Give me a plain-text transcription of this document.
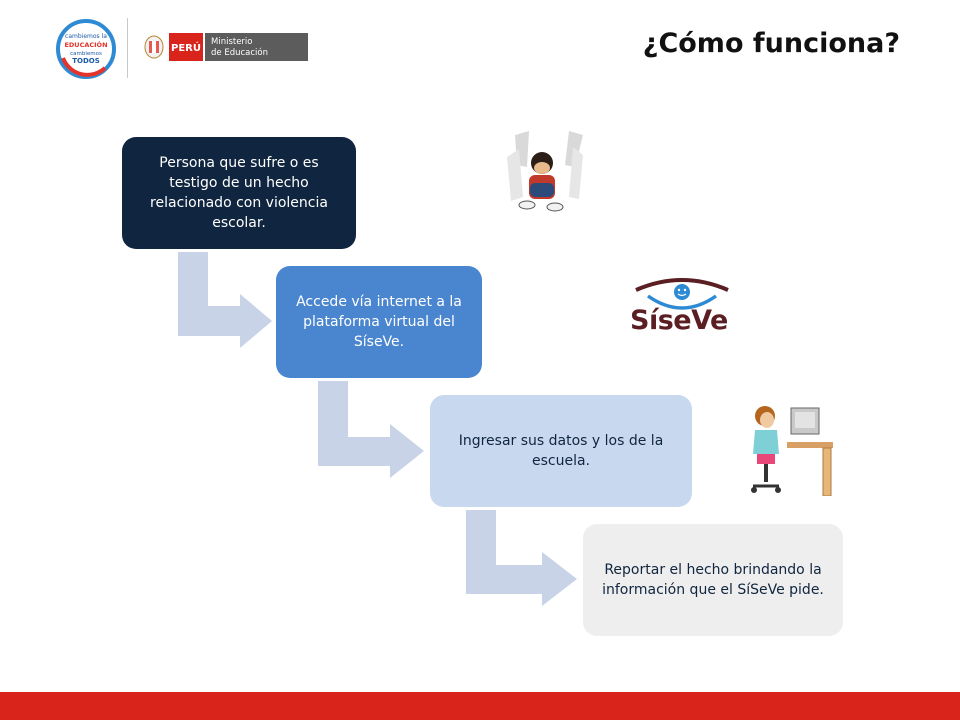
cambiemos la
EDUCACIÓN
cambiemos
TODOS
PERÚ
Ministerio
de Educación	¿Cómo funciona?
Persona que sufre o es testigo de un hecho relacionado con violencia escolar.
Accede vía internet a la plataforma virtual del SíseVe.
Ingresar sus datos y los de la escuela.
Reportar el hecho brindando la información que el SíSeVe pide.
SíseVe
